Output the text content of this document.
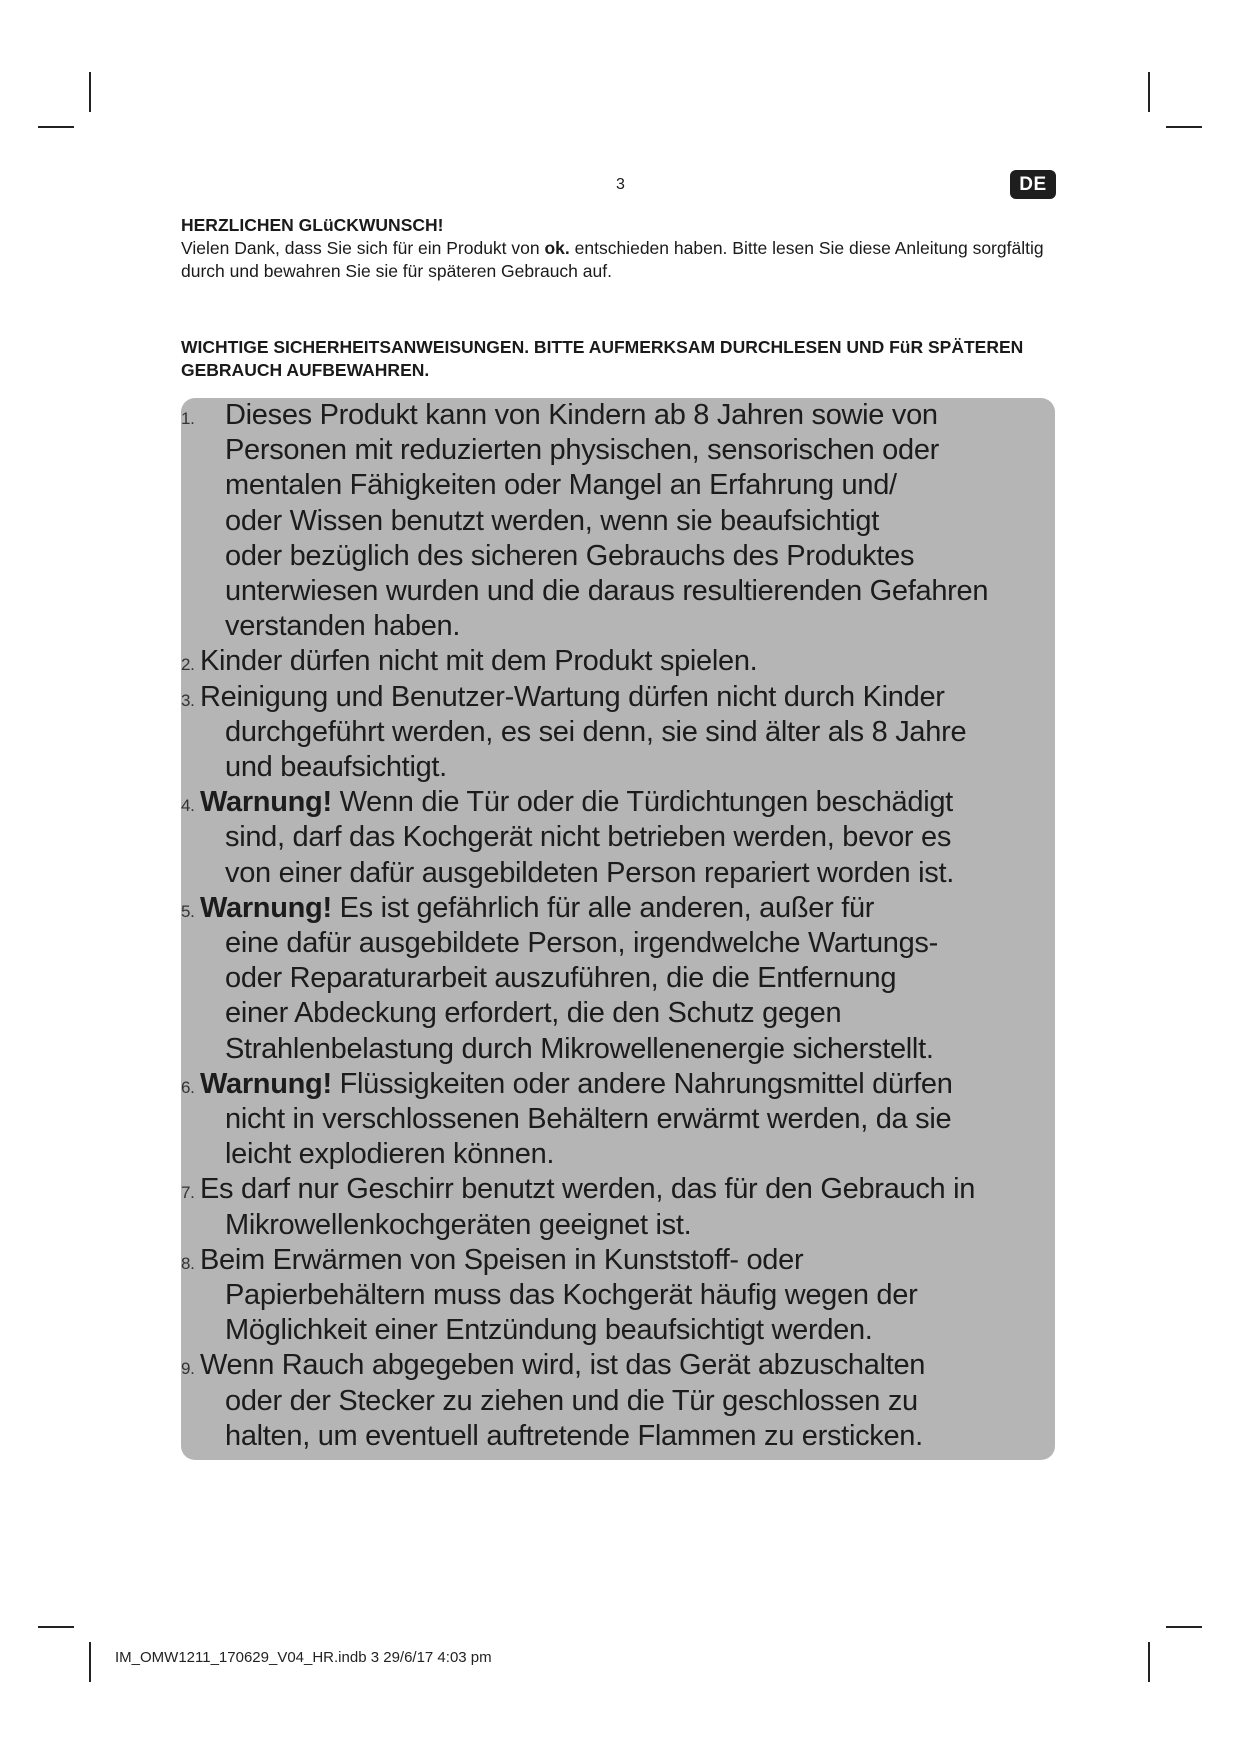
3	DE
HERZLICHEN GLüCKWUNSCH!

Vielen Dank, dass Sie sich für ein Produkt von ok. entschieden haben. Bitte lesen Sie diese Anleitung sorgfältig durch und bewahren Sie sie für späteren Gebrauch auf.

WICHTIGE SICHERHEITSANWEISUNGEN. BITTE AUFMERKSAM DURCHLESEN UND FüR SPÄTEREN GEBRAUCH AUFBEWAHREN.
1. Dieses Produkt kann von Kindern ab 8 Jahren sowie von
Personen mit reduzierten physischen, sensorischen oder
mentalen Fähigkeiten oder Mangel an Erfahrung und/
oder Wissen benutzt werden, wenn sie beaufsichtigt
oder bezüglich des sicheren Gebrauchs des Produktes
unterwiesen wurden und die daraus resultierenden Gefahren
verstanden haben.
2. Kinder dürfen nicht mit dem Produkt spielen.
3. Reinigung und Benutzer-Wartung dürfen nicht durch Kinder
durchgeführt werden, es sei denn, sie sind älter als 8 Jahre
und beaufsichtigt.
4. Warnung! Wenn die Tür oder die Türdichtungen beschädigt
sind, darf das Kochgerät nicht betrieben werden, bevor es
von einer dafür ausgebildeten Person repariert worden ist.
5. Warnung! Es ist gefährlich für alle anderen, außer für
eine dafür ausgebildete Person, irgendwelche Wartungs-
oder Reparaturarbeit auszuführen, die die Entfernung
einer Abdeckung erfordert, die den Schutz gegen
Strahlenbelastung durch Mikrowellenenergie sicherstellt.
6. Warnung! Flüssigkeiten oder andere Nahrungsmittel dürfen
nicht in verschlossenen Behältern erwärmt werden, da sie
leicht explodieren können.
7. Es darf nur Geschirr benutzt werden, das für den Gebrauch in
Mikrowellenkochgeräten geeignet ist.
8. Beim Erwärmen von Speisen in Kunststoff- oder
Papierbehältern muss das Kochgerät häufig wegen der
Möglichkeit einer Entzündung beaufsichtigt werden.
9. Wenn Rauch abgegeben wird, ist das Gerät abzuschalten
oder der Stecker zu ziehen und die Tür geschlossen zu
halten, um eventuell auftretende Flammen zu ersticken.
IM_OMW1211_170629_V04_HR.indb 3 29/6/17 4:03 pm
